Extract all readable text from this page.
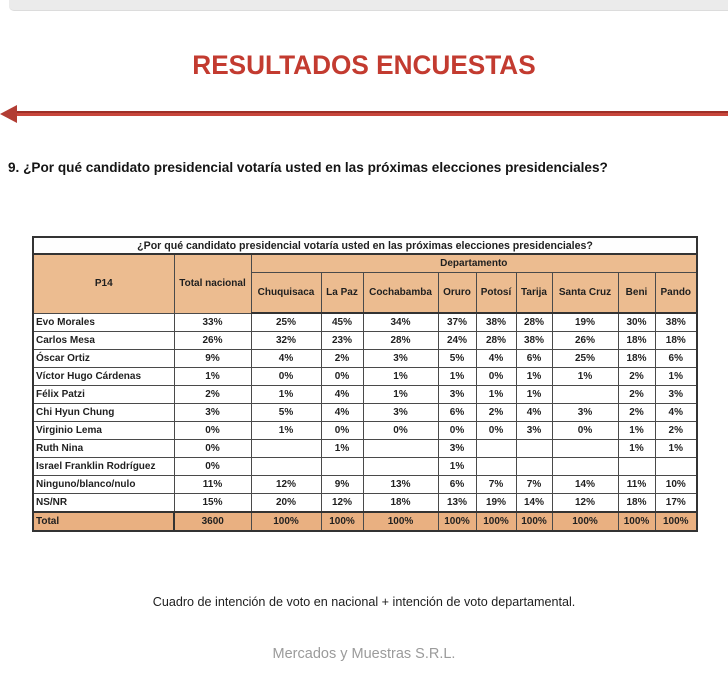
RESULTADOS ENCUESTAS
9. ¿Por qué candidato presidencial votaría usted en las próximas elecciones presidenciales?
¿Por qué candidato presidencial votaría usted en las próximas elecciones presidenciales?										
P14	Total nacional	Departamento								
		Chuquisaca	La Paz	Cochabamba	Oruro	Potosí	Tarija	Santa Cruz	Beni	Pando
Evo Morales	33%	25%	45%	34%	37%	38%	28%	19%	30%	38%
Carlos Mesa	26%	32%	23%	28%	24%	28%	38%	26%	18%	18%
Óscar Ortiz	9%	4%	2%	3%	5%	4%	6%	25%	18%	6%
Víctor Hugo Cárdenas	1%	0%	0%	1%	1%	0%	1%	1%	2%	1%
Félix Patzi	2%	1%	4%	1%	3%	1%	1%		2%	3%
Chi Hyun Chung	3%	5%	4%	3%	6%	2%	4%	3%	2%	4%
Virginio Lema	0%	1%	0%	0%	0%	0%	3%	0%	1%	2%
Ruth Nina	0%		1%		3%				1%	1%
Israel Franklin Rodríguez	0%				1%					
Ninguno/blanco/nulo	11%	12%	9%	13%	6%	7%	7%	14%	11%	10%
NS/NR	15%	20%	12%	18%	13%	19%	14%	12%	18%	17%
Total	3600	100%	100%	100%	100%	100%	100%	100%	100%	100%
Cuadro de intención de voto en nacional + intención de voto departamental.
Mercados y Muestras S.R.L.
